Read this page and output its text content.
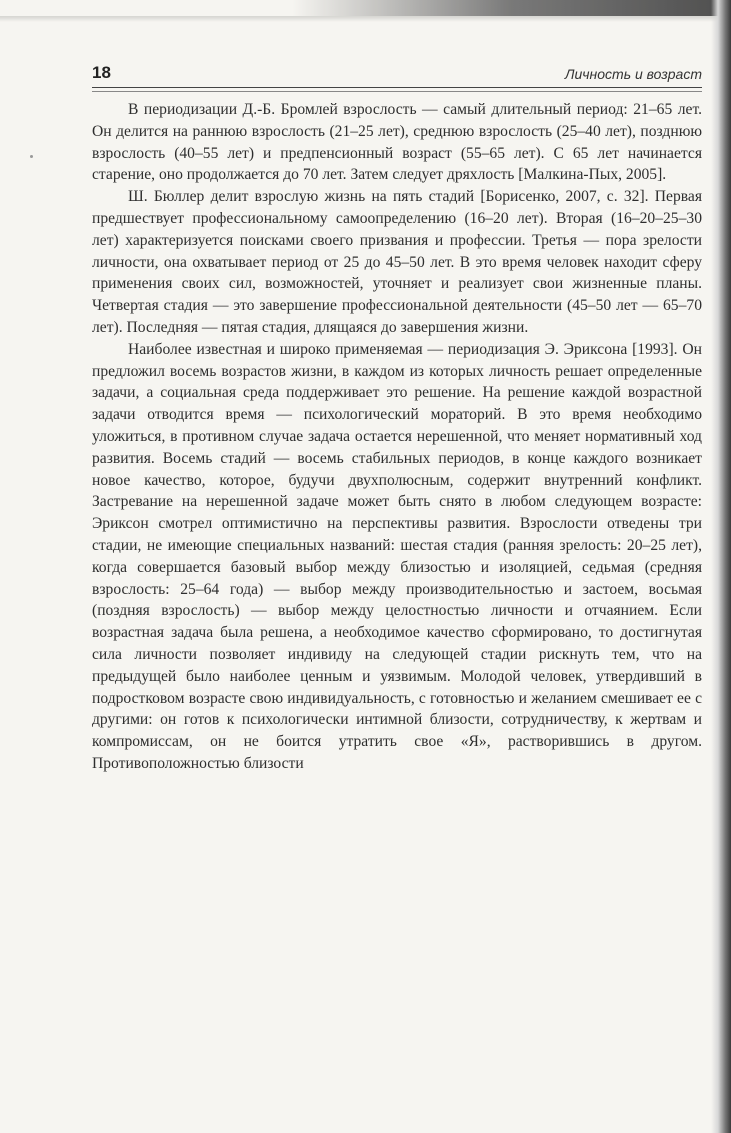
18	Личность и возраст

В периодизации Д.-Б. Бромлей взрослость — самый длительный период: 21–65 лет. Он делится на раннюю взрослость (21–25 лет), среднюю взрослость (25–40 лет), позднюю взрослость (40–55 лет) и предпенсионный возраст (55–65 лет). С 65 лет начинается старение, оно продолжается до 70 лет. Затем следует дряхлость [Малкина-Пых, 2005].

Ш. Бюллер делит взрослую жизнь на пять стадий [Борисенко, 2007, с. 32]. Первая предшествует профессиональному самоопределению (16–20 лет). Вторая (16–20–25–30 лет) характеризуется поисками своего призвания и профессии. Третья — пора зрелости личности, она охватывает период от 25 до 45–50 лет. В это время человек находит сферу применения своих сил, возможностей, уточняет и реализует свои жизненные планы. Четвертая стадия — это завершение профессиональной деятельности (45–50 лет — 65–70 лет). Последняя — пятая стадия, длящаяся до завершения жизни.

Наиболее известная и широко применяемая — периодизация Э. Эриксона [1993]. Он предложил восемь возрастов жизни, в каждом из которых личность решает определенные задачи, а социальная среда поддерживает это решение. На решение каждой возрастной задачи отводится время — психологический мораторий. В это время необходимо уложиться, в противном случае задача остается нерешенной, что меняет нормативный ход развития. Восемь стадий — восемь стабильных периодов, в конце каждого возникает новое качество, которое, будучи двухполюсным, содержит внутренний конфликт. Застревание на нерешенной задаче может быть снято в любом следующем возрасте: Эриксон смотрел оптимистично на перспективы развития. Взрослости отведены три стадии, не имеющие специальных названий: шестая стадия (ранняя зрелость: 20–25 лет), когда совершается базовый выбор между близостью и изоляцией, седьмая (средняя взрослость: 25–64 года) — выбор между производительностью и застоем, восьмая (поздняя взрослость) — выбор между целостностью личности и отчаянием. Если возрастная задача была решена, а необходимое качество сформировано, то достигнутая сила личности позволяет индивиду на следующей стадии рискнуть тем, что на предыдущей было наиболее ценным и уязвимым. Молодой человек, утвердивший в подростковом возрасте свою индивидуальность, с готовностью и желанием смешивает ее с другими: он готов к психологически интимной близости, сотрудничеству, к жертвам и компромиссам, он не боится утратить свое «Я», растворившись в другом. Противоположностью близости
